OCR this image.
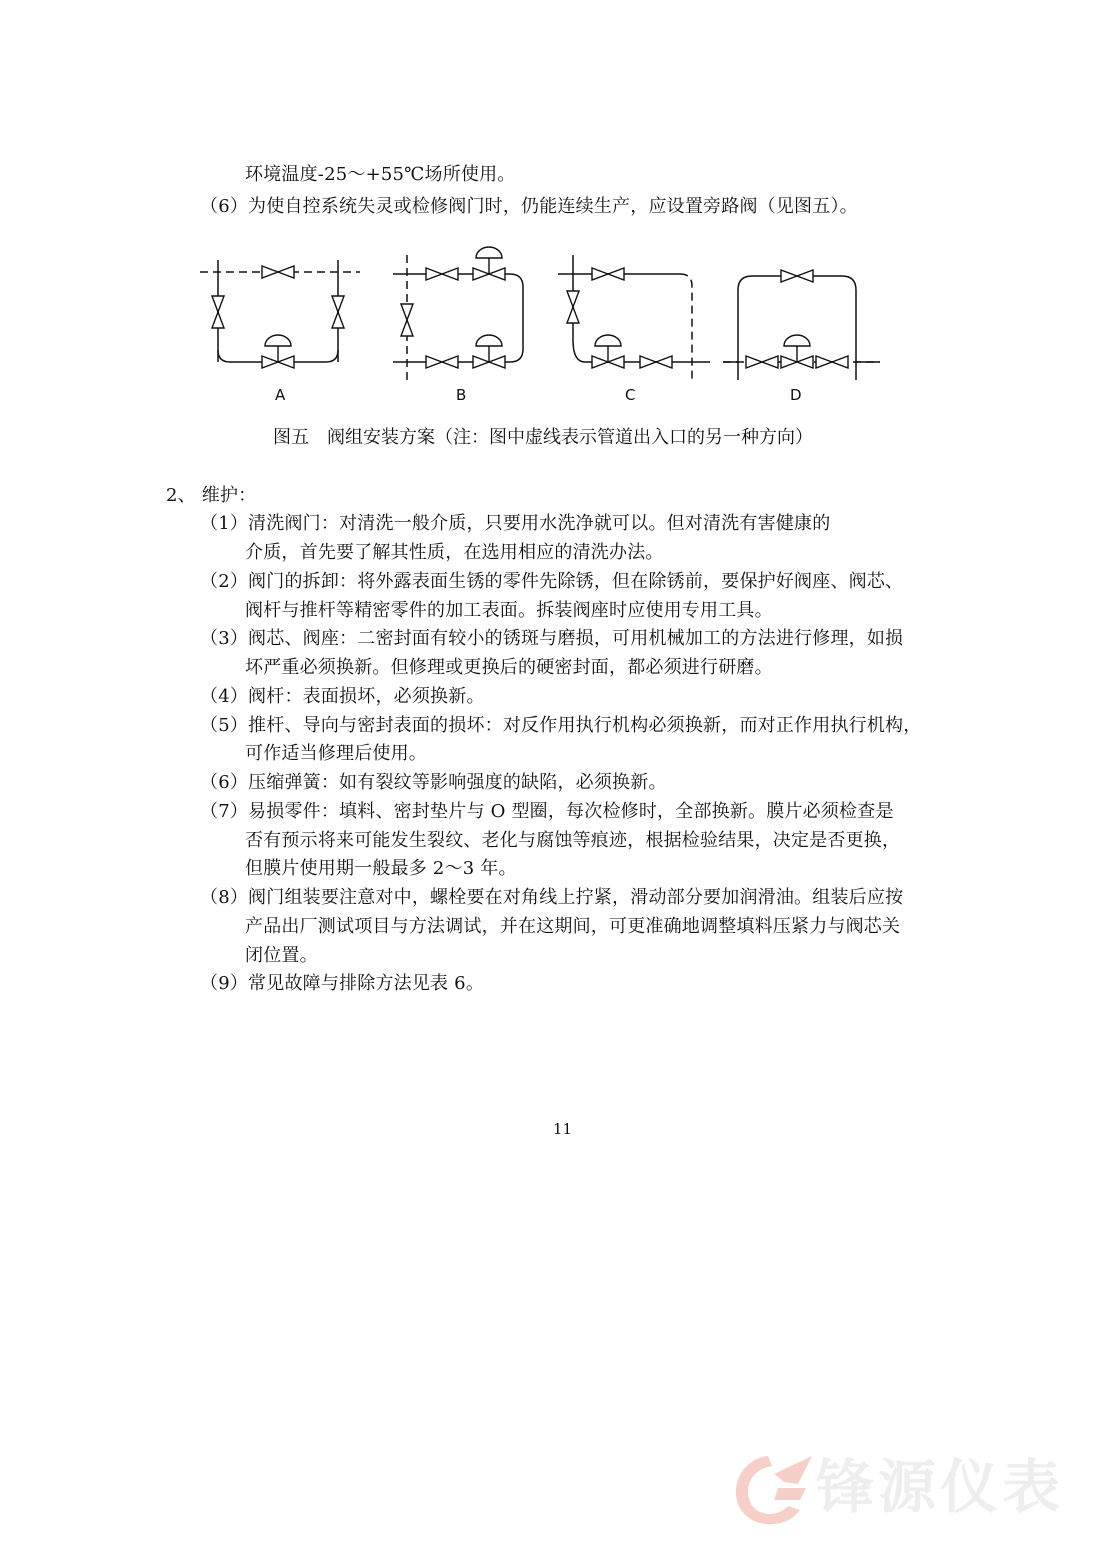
环境温度-25～+55℃场所使用。
（6）为使自控系统失灵或检修阀门时，仍能连续生产，应设置旁路阀（见图五）。
A	B	C	D
图五　阀组安装方案（注：图中虚线表示管道出入口的另一种方向）
2、 维护：
（1）清洗阀门：对清洗一般介质，只要用水洗净就可以。但对清洗有害健康的
介质，首先要了解其性质，在选用相应的清洗办法。
（2）阀门的拆卸：将外露表面生锈的零件先除锈，但在除锈前，要保护好阀座、阀芯、
阀杆与推杆等精密零件的加工表面。拆装阀座时应使用专用工具。
（3）阀芯、阀座：二密封面有较小的锈斑与磨损，可用机械加工的方法进行修理，如损
坏严重必须换新。但修理或更换后的硬密封面，都必须进行研磨。
（4）阀杆：表面损坏，必须换新。
（5）推杆、导向与密封表面的损坏：对反作用执行机构必须换新，而对正作用执行机构，
可作适当修理后使用。
（6）压缩弹簧：如有裂纹等影响强度的缺陷，必须换新。
（7）易损零件：填料、密封垫片与 O 型圈，每次检修时，全部换新。膜片必须检查是
否有预示将来可能发生裂纹、老化与腐蚀等痕迹，根据检验结果，决定是否更换，
但膜片使用期一般最多 2～3 年。
（8）阀门组装要注意对中，螺栓要在对角线上拧紧，滑动部分要加润滑油。组装后应按
产品出厂测试项目与方法调试，并在这期间，可更准确地调整填料压紧力与阀芯关
闭位置。
（9）常见故障与排除方法见表 6。
11
锋源仪表
